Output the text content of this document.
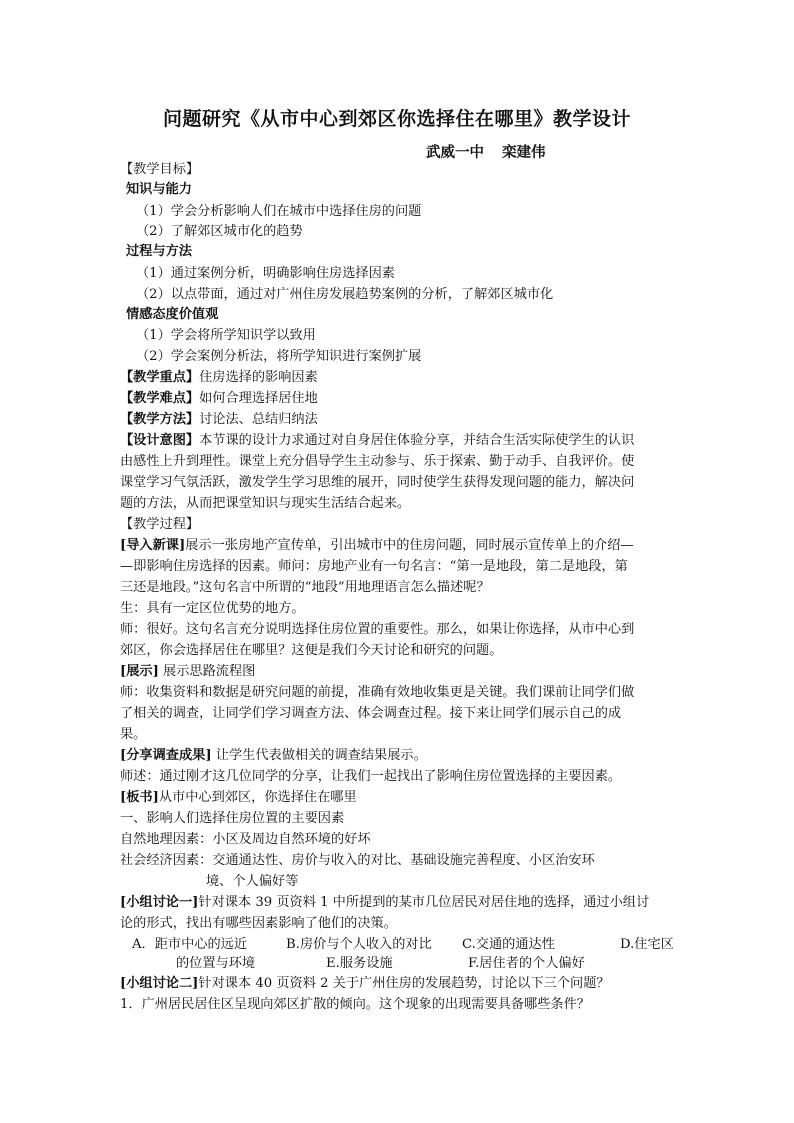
问题研究《从市中心到郊区你选择住在哪里》教学设计
武威一中 栾建伟
【教学目标】
知识与能力
（1）学会分析影响人们在城市中选择住房的问题
（2）了解郊区城市化的趋势
过程与方法
（1）通过案例分析，明确影响住房选择因素
（2）以点带面，通过对广州住房发展趋势案例的分析，了解郊区城市化
情感态度价值观
（1）学会将所学知识学以致用
（2）学会案例分析法，将所学知识进行案例扩展
【教学重点】住房选择的影响因素
【教学难点】如何合理选择居住地
【教学方法】讨论法、总结归纳法
【设计意图】本节课的设计力求通过对自身居住体验分享，并结合生活实际使学生的认识
由感性上升到理性。课堂上充分倡导学生主动参与、乐于探索、勤于动手、自我评价。使
课堂学习气氛活跃，激发学生学习思维的展开，同时使学生获得发现问题的能力，解决问
题的方法，从而把课堂知识与现实生活结合起来。
【教学过程】
[导入新课]展示一张房地产宣传单，引出城市中的住房问题，同时展示宣传单上的介绍—
—即影响住房选择的因素。师问：房地产业有一句名言：“第一是地段，第二是地段，第
三还是地段。”这句名言中所谓的“地段”用地理语言怎么描述呢？
生：具有一定区位优势的地方。
师：很好。这句名言充分说明选择住房位置的重要性。那么，如果让你选择，从市中心到
郊区，你会选择居住在哪里？这便是我们今天讨论和研究的问题。
[展示] 展示思路流程图
师：收集资料和数据是研究问题的前提，准确有效地收集更是关键。我们课前让同学们做
了相关的调查，让同学们学习调查方法、体会调查过程。接下来让同学们展示自己的成
果。
[分享调查成果] 让学生代表做相关的调查结果展示。
师述：通过刚才这几位同学的分享，让我们一起找出了影响住房位置选择的主要因素。
[板书]从市中心到郊区，你选择住在哪里
一、影响人们选择住房位置的主要因素
自然地理因素：小区及周边自然环境的好坏
社会经济因素：交通通达性、房价与收入的对比、基础设施完善程度、小区治安环
境、个人偏好等
[小组讨论一]针对课本 39 页资料 1 中所提到的某市几位居民对居住地的选择，通过小组讨
论的形式，找出有哪些因素影响了他们的决策。
A．距市中心的远近	B.房价与个人收入的对比 C.交通的通达性	D.住宅区
的位置与环境	E.服务设施	F.居住者的个人偏好
[小组讨论二]针对课本 40 页资料 2 关于广州住房的发展趋势，讨论以下三个问题？
1．广州居民居住区呈现向郊区扩散的倾向。这个现象的出现需要具备哪些条件？
